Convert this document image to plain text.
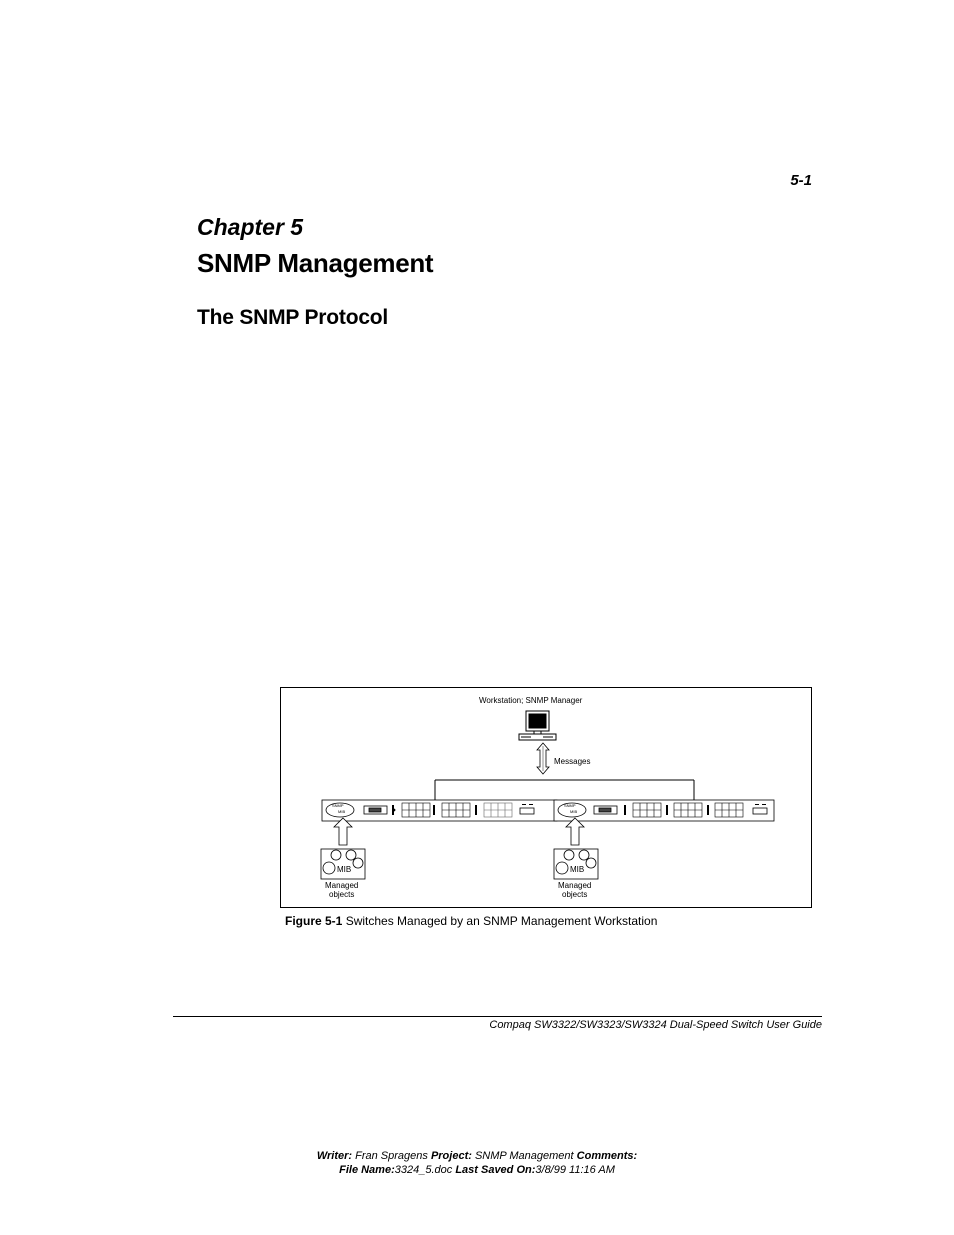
5-1
Chapter 5
SNMP Management
The SNMP Protocol
Workstation; SNMP Manager
Messages
SNMP
MIB
SNMP
MIB
MIB	MIB
Managed
objects
Managed
objects
Figure 5-1 Switches Managed by an SNMP Management Workstation
Compaq SW3322/SW3323/SW3324 Dual-Speed Switch User Guide
Writer: Fran Spragens Project: SNMP Management Comments:
File Name:3324_5.doc Last Saved On:3/8/99 11:16 AM
